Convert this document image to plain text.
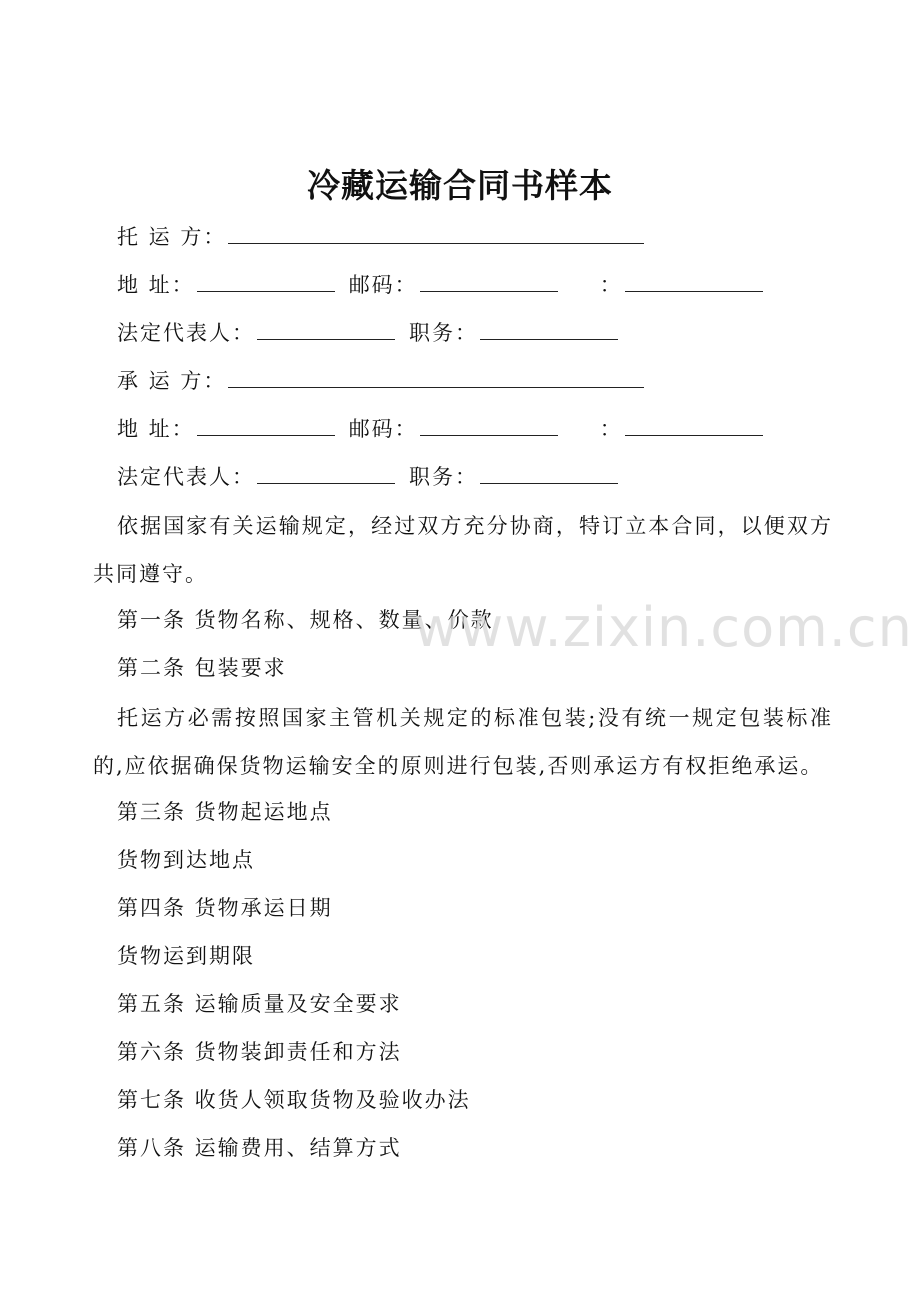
冷藏运输合同书样本
托 运 方：
地 址：	邮码：	：
法定代表人：	职务：
承 运 方：
地 址：	邮码：	：
法定代表人：	职务：
依据国家有关运输规定，经过双方充分协商，特订立本合同，以便双方共同遵守。
第一条 货物名称、规格、数量、价款
第二条 包装要求
托运方必需按照国家主管机关规定的标准包装;没有统一规定包装标准的,应依据确保货物运输安全的原则进行包装,否则承运方有权拒绝承运。
第三条 货物起运地点
货物到达地点
第四条 货物承运日期
货物运到期限
第五条 运输质量及安全要求
第六条 货物装卸责任和方法
第七条 收货人领取货物及验收办法
第八条 运输费用、结算方式
www.zixin.com.cn
